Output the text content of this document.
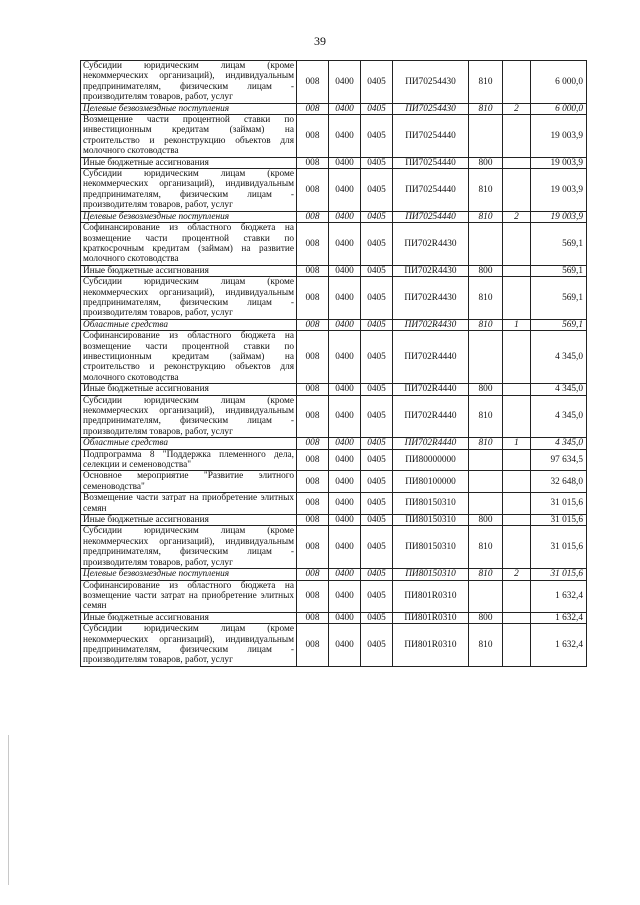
39
Субсидии юридическим лицам (кроме некоммерческих организаций), индивидуальным предпринимателям, физическим лицам - производителям товаров, работ, услуг	008	0400	0405	ПИ70254430	810		6 000,0
Целевые безвозмездные поступления	008	0400	0405	ПИ70254430	810	2	6 000,0
Возмещение части процентной ставки по инвестиционным кредитам (займам) на строительство и реконструкцию объектов для молочного скотоводства	008	0400	0405	ПИ70254440			19 003,9
Иные бюджетные ассигнования	008	0400	0405	ПИ70254440	800		19 003,9
Субсидии юридическим лицам (кроме некоммерческих организаций), индивидуальным предпринимателям, физическим лицам - производителям товаров, работ, услуг	008	0400	0405	ПИ70254440	810		19 003,9
Целевые безвозмездные поступления	008	0400	0405	ПИ70254440	810	2	19 003,9
Софинансирование из областного бюджета на возмещение части процентной ставки по краткосрочным кредитам (займам) на развитие молочного скотоводства	008	0400	0405	ПИ702R4430			569,1
Иные бюджетные ассигнования	008	0400	0405	ПИ702R4430	800		569,1
Субсидии юридическим лицам (кроме некоммерческих организаций), индивидуальным предпринимателям, физическим лицам - производителям товаров, работ, услуг	008	0400	0405	ПИ702R4430	810		569,1
Областные средства	008	0400	0405	ПИ702R4430	810	1	569,1
Софинансирование из областного бюджета на возмещение части процентной ставки по инвестиционным кредитам (займам) на строительство и реконструкцию объектов для молочного скотоводства	008	0400	0405	ПИ702R4440			4 345,0
Иные бюджетные ассигнования	008	0400	0405	ПИ702R4440	800		4 345,0
Субсидии юридическим лицам (кроме некоммерческих организаций), индивидуальным предпринимателям, физическим лицам - производителям товаров, работ, услуг	008	0400	0405	ПИ702R4440	810		4 345,0
Областные средства	008	0400	0405	ПИ702R4440	810	1	4 345,0
Подпрограмма 8 "Поддержка племенного дела, селекции и семеноводства"	008	0400	0405	ПИ80000000			97 634,5
Основное мероприятие "Развитие элитного семеноводства"	008	0400	0405	ПИ80100000			32 648,0
Возмещение части затрат на приобретение элитных семян	008	0400	0405	ПИ80150310			31 015,6
Иные бюджетные ассигнования	008	0400	0405	ПИ80150310	800		31 015,6
Субсидии юридическим лицам (кроме некоммерческих организаций), индивидуальным предпринимателям, физическим лицам - производителям товаров, работ, услуг	008	0400	0405	ПИ80150310	810		31 015,6
Целевые безвозмездные поступления	008	0400	0405	ПИ80150310	810	2	31 015,6
Софинансирование из областного бюджета на возмещение части затрат на приобретение элитных семян	008	0400	0405	ПИ801R0310			1 632,4
Иные бюджетные ассигнования	008	0400	0405	ПИ801R0310	800		1 632,4
Субсидии юридическим лицам (кроме некоммерческих организаций), индивидуальным предпринимателям, физическим лицам - производителям товаров, работ, услуг	008	0400	0405	ПИ801R0310	810		1 632,4
